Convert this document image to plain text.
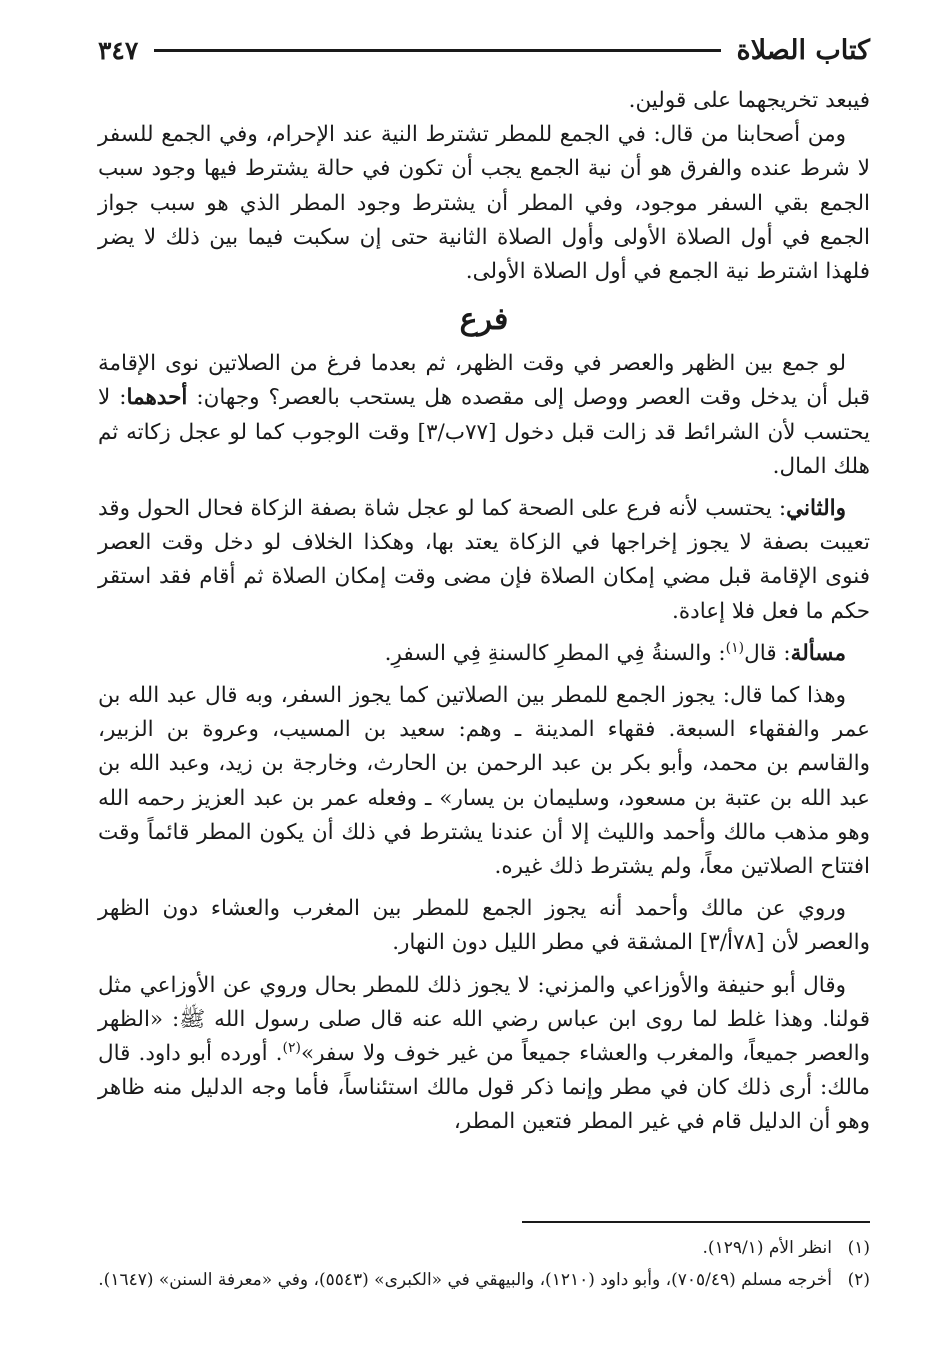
كتاب الصلاة
٣٤٧

فيبعد تخريجهما على قولين.

ومن أصحابنا من قال: في الجمع للمطر تشترط النية عند الإحرام، وفي الجمع للسفر لا شرط عنده والفرق هو أن نية الجمع يجب أن تكون في حالة يشترط فيها وجود سبب الجمع بقي السفر موجود، وفي المطر أن يشترط وجود المطر الذي هو سبب جواز الجمع في أول الصلاة الأولى وأول الصلاة الثانية حتى إن سكبت فيما بين ذلك لا يضر فلهذا اشترط نية الجمع في أول الصلاة الأولى.

فرع

لو جمع بين الظهر والعصر في وقت الظهر، ثم بعدما فرغ من الصلاتين نوى الإقامة قبل أن يدخل وقت العصر ووصل إلى مقصده هل يستحب بالعصر؟ وجهان: أحدهما: لا يحتسب لأن الشرائط قد زالت قبل دخول [٧٧ب/٣] وقت الوجوب كما لو عجل زكاته ثم هلك المال.

والثاني: يحتسب لأنه فرع على الصحة كما لو عجل شاة بصفة الزكاة فحال الحول وقد تعيبت بصفة لا يجوز إخراجها في الزكاة يعتد بها، وهكذا الخلاف لو دخل وقت العصر فنوى الإقامة قبل مضي إمكان الصلاة فإن مضى وقت إمكان الصلاة ثم أقام فقد استقر حكم ما فعل فلا إعادة.

مسألة: قال$^{(١)}$: والسنةُ فِي المطرِ كالسنةِ فِي السفرِ.

وهذا كما قال: يجوز الجمع للمطر بين الصلاتين كما يجوز السفر، وبه قال عبد الله بن عمر والفقهاء السبعة. فقهاء المدينة ـ وهم: سعيد بن المسيب، وعروة بن الزبير، والقاسم بن محمد، وأبو بكر بن عبد الرحمن بن الحارث، وخارجة بن زيد، وعبد الله بن عبد الله بن عتبة بن مسعود، وسليمان بن يسار» ـ وفعله عمر بن عبد العزيز رحمه الله وهو مذهب مالك وأحمد والليث إلا أن عندنا يشترط في ذلك أن يكون المطر قائماً وقت افتتاح الصلاتين معاً، ولم يشترط ذلك غيره.

وروي عن مالك وأحمد أنه يجوز الجمع للمطر بين المغرب والعشاء دون الظهر والعصر لأن [٧٨أ/٣] المشقة في مطر الليل دون النهار.

وقال أبو حنيفة والأوزاعي والمزني: لا يجوز ذلك للمطر بحال وروي عن الأوزاعي مثل قولنا. وهذا غلط لما روى ابن عباس رضي الله عنه قال صلى رسول الله ﷺ: «الظهر والعصر جميعاً، والمغرب والعشاء جميعاً من غير خوف ولا سفر»$^{(٢)}$. أورده أبو داود. قال مالك: أرى ذلك كان في مطر وإنما ذكر قول مالك استئناساً، فأما وجه الدليل منه ظاهر وهو أن الدليل قام في غير المطر فتعين المطر،

(١)
انظر الأم (١٢٩/١).
(٢)
أخرجه مسلم (٧٠٥/٤٩)، وأبو داود (١٢١٠)، والبيهقي في «الكبرى» (٥٥٤٣)، وفي «معرفة السنن» (١٦٤٧).
